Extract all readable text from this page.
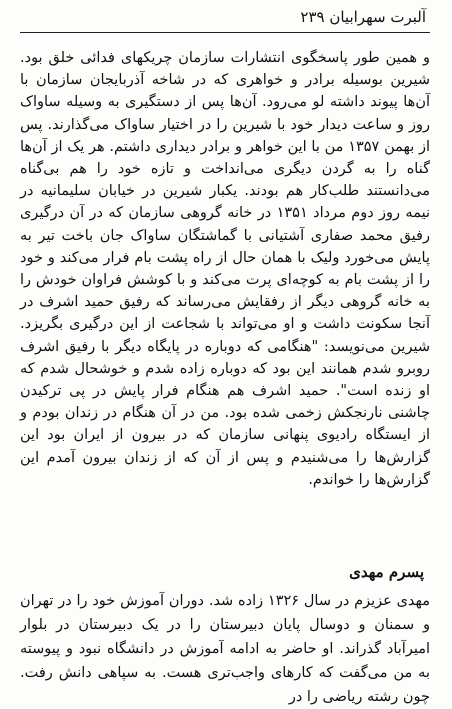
آلبرت سهرابیان ۲۳۹

و همین طور پاسخگوی انتشارات سازمان چریکهای فدائی خلق بود. شیرین بوسیله برادر و خواهری که در شاخه آذربایجان سازمان با آن‌ها پیوند داشته لو می‌رود. آن‌ها پس از دستگیری به وسیله ساواک روز و ساعت دیدار خود با شیرین را در اختیار ساواک می‌گذارند. پس از بهمن ۱۳۵۷ من با این خواهر و برادر دیداری داشتم. هر یک از آن‌ها گناه را به گردن دیگری می‌انداخت و تازه خود را هم بی‌گناه می‌دانستند طلب‌کار هم بودند. یکبار شیرین در خیابان سلیمانیه در نیمه روز دوم مرداد ۱۳۵۱ در خانه گروهی سازمان که در آن درگیری رفیق محمد صفاری آشتیانی با گماشتگان ساواک جان باخت تیر به پایش می‌خورد ولیک با همان حال از راه پشت بام فرار می‌کند و خود را از پشت بام به کوچه‌ای پرت می‌کند و با کوشش فراوان خودش را به خانه گروهی دیگر از رفقایش می‌رساند که رفیق حمید اشرف در آنجا سکونت داشت و او می‌تواند با شجاعت از این درگیری بگریزد. شیرین می‌نویسد: "هنگامی که دوباره در پایگاه دیگر با رفیق اشرف روبرو شدم همانند این بود که دوباره زاده شدم و خوشحال شدم که او زنده است". حمید اشرف هم هنگام فرار پایش در پی ترکیدن چاشنی نارنجکش زخمی شده بود. من در آن هنگام در زندان بودم و از ایستگاه رادیوی پنهانی سازمان که در بیرون از ایران بود این گزارش‌ها را می‌شنیدم و پس از آن که از زندان بیرون آمدم این گزارش‌ها را خواندم.

پسرم مهدی

مهدی عزیزم در سال ۱۳۲۶ زاده شد. دوران آموزش خود را در تهران و سمنان و دوسال پایان دبیرستان را در یک دبیرستان در بلوار امیرآباد گذراند. او حاضر به ادامه آموزش در دانشگاه نبود و پیوسته به من می‌گفت که کارهای واجب‌تری هست. به سپاهی دانش رفت. چون رشته ریاضی را در
